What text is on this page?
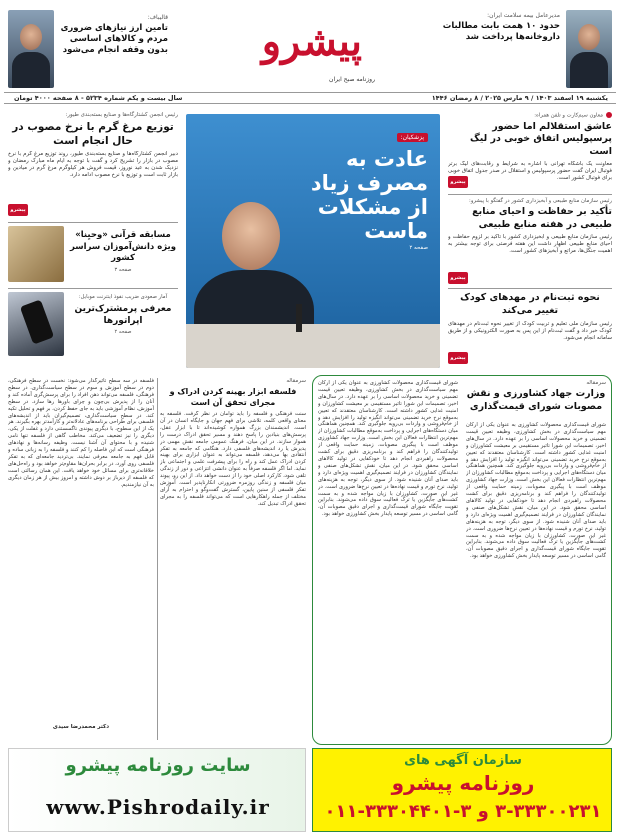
قالیباف:
تامین ارز نیازهای ضروری مردم و کالاهای اساسی بدون وقفه انجام می‌شود پیشرو
روزنامه صبح ایران
مدیرعامل بیمه سلامت ایران:
حدود ۱۰ همت بابت مطالبات داروخانه‌ها پرداخت شد
یکشنبه ۱۹ اسفند ۱۴۰۳ / ۹ مارس ۲۰۲۵ / ۸ رمضان ۱۴۴۶
سال بیست و یکم شماره ۵۲۳۴ - ۸ صفحه ۴۰۰۰ تومان
رئیس انجمن کشتارگاه‌ها و صنایع بسته‌بندی طیور:
توزیع مرغ گرم با نرخ مصوب در حال انجام است
دبیر انجمن کشتارگاه‌ها و صنایع بسته‌بندی طیور، روند توزیع مرغ گرم با نرخ مصوب در بازار را تشریح کرد و گفت با توجه به ایام ماه مبارک رمضان و نزدیک شدن به عید نوروز، قیمت فروش هر کیلوگرم مرغ گرم در میادین و بازار ثابت است و توزیع با نرخ مصوب ادامه دارد.
پیشرو
مسابقه قرآنی «وحیِنا» ویژه دانش‌آموزان سراسر کشور
صفحه ۳
آمار صعودی ضریب نفوذ اینترنت موبایل:
معرفی پرمشترک‌ترین اپراتورها
صفحه ۲
پزشکیان:
عادت به مصرف زیاد از مشکلات ماست
صفحه ۲
معاون سیم‌کارت و تلفن همراه:
عاشق استقلالم اما حضور پرسپولیس اتفاق خوبی در لیگ است
معاونت یک باشگاه تهرانی با اشاره به شرایط و رقابت‌های لیگ برتر فوتبال ایران گفت حضور پرسپولیس و استقلال در صدر جدول اتفاق خوبی برای فوتبال کشور است.
پیشرو
رئیس سازمان منابع طبیعی و آبخیزداری کشور در گفتگو با پیشرو:
تأکید بر حفاظت و احیای منابع طبیعی در هفته منابع طبیعی
رئیس سازمان منابع طبیعی و آبخیزداری کشور با تاکید بر لزوم حفاظت و احیای منابع طبیعی اظهار داشت این هفته فرصتی برای توجه بیشتر به اهمیت جنگل‌ها، مراتع و آبخیزهای کشور است.
پیشرو
نحوه ثبت‌نام در مهدهای کودک تغییر می‌کند
رئیس سازمان ملی تعلیم و تربیت کودک از تغییر نحوه ثبت‌نام در مهدهای کودک خبر داد و گفت ثبت‌نام از این پس به صورت الکترونیکی و از طریق سامانه انجام می‌شود.
پیشرو
سرمقاله
وزارت جهاد کشاورزی و نقش مصوبات شورای قیمت‌گذاری
شورای قیمت‌گذاری محصولات کشاورزی به عنوان یکی از ارکان مهم سیاست‌گذاری در بخش کشاورزی، وظیفه تعیین قیمت تضمینی و خرید محصولات اساسی را بر عهده دارد. در سال‌های اخیر، تصمیمات این شورا تاثیر مستقیمی بر معیشت کشاورزان و امنیت غذایی کشور داشته است. کارشناسان معتقدند که تعیین به‌موقع نرخ خرید تضمینی می‌تواند انگیزه تولید را افزایش دهد و از خام‌فروشی و واردات بی‌رویه جلوگیری کند. همچنین هماهنگی میان دستگاه‌های اجرایی و پرداخت به‌موقع مطالبات کشاورزان از مهم‌ترین انتظارات فعالان این بخش است. وزارت جهاد کشاورزی موظف است با پیگیری مصوبات، زمینه حمایت واقعی از تولیدکنندگان را فراهم کند و برنامه‌ریزی دقیق برای کشت محصولات راهبردی انجام دهد تا خودکفایی در تولید کالاهای اساسی محقق شود. در این میان، نقش تشکل‌های صنفی و نمایندگان کشاورزان در فرایند تصمیم‌گیری اهمیت ویژه‌ای دارد و باید صدای آنان شنیده شود. از سوی دیگر، توجه به هزینه‌های تولید، نرخ تورم و قیمت نهاده‌ها در تعیین نرخ‌ها ضروری است. در غیر این صورت، کشاورزان با زیان مواجه شده و به سمت کشت‌های جایگزین یا ترک فعالیت سوق داده می‌شوند. بنابراین تقویت جایگاه شورای قیمت‌گذاری و اجرای دقیق مصوبات آن، گامی اساسی در مسیر توسعه پایدار بخش کشاورزی خواهد بود.
شورای قیمت‌گذاری محصولات کشاورزی به عنوان یکی از ارکان مهم سیاست‌گذاری در بخش کشاورزی، وظیفه تعیین قیمت تضمینی و خرید محصولات اساسی را بر عهده دارد. در سال‌های اخیر، تصمیمات این شورا تاثیر مستقیمی بر معیشت کشاورزان و امنیت غذایی کشور داشته است. کارشناسان معتقدند که تعیین به‌موقع نرخ خرید تضمینی می‌تواند انگیزه تولید را افزایش دهد و از خام‌فروشی و واردات بی‌رویه جلوگیری کند. همچنین هماهنگی میان دستگاه‌های اجرایی و پرداخت به‌موقع مطالبات کشاورزان از مهم‌ترین انتظارات فعالان این بخش است. وزارت جهاد کشاورزی موظف است با پیگیری مصوبات، زمینه حمایت واقعی از تولیدکنندگان را فراهم کند و برنامه‌ریزی دقیق برای کشت محصولات راهبردی انجام دهد تا خودکفایی در تولید کالاهای اساسی محقق شود. در این میان، نقش تشکل‌های صنفی و نمایندگان کشاورزان در فرایند تصمیم‌گیری اهمیت ویژه‌ای دارد و باید صدای آنان شنیده شود. از سوی دیگر، توجه به هزینه‌های تولید، نرخ تورم و قیمت نهاده‌ها در تعیین نرخ‌ها ضروری است. در غیر این صورت، کشاورزان با زیان مواجه شده و به سمت کشت‌های جایگزین یا ترک فعالیت سوق داده می‌شوند. بنابراین تقویت جایگاه شورای قیمت‌گذاری و اجرای دقیق مصوبات آن، گامی اساسی در مسیر توسعه پایدار بخش کشاورزی خواهد بود.
سرمقاله
فلسفه ابزار بهینه کردن ادراک و مجرای تحقق آن است
سنت فرهنگی و فلسفه را باید توأمان در نظر گرفت. فلسفه به معنای واقعی کلمه، تلاشی برای فهم جهان و جایگاه انسان در آن است. اندیشمندان بزرگ همواره کوشیده‌اند تا با ابزار عقل، پرسش‌های بنیادین را پاسخ دهند و مسیر تحقق ادراک درست را هموار سازند. در این میان، فرهنگ عمومی جامعه نقش مهمی در پذیرش یا رد اندیشه‌های فلسفی دارد. هنگامی که جامعه به تفکر انتقادی بها می‌دهد، فلسفه می‌تواند به عنوان ابزاری برای بهینه کردن ادراک عمل کند و راه را برای پیشرفت علمی و اجتماعی باز نماید. اما اگر فلسفه صرفاً به عنوان دانشی انتزاعی و دور از زندگی تلقی شود، کارکرد اصلی خود را از دست خواهد داد. از این رو، پیوند میان فلسفه و زندگی روزمره ضرورتی انکارناپذیر است. آموزش تفکر فلسفی از سنین پایین، گسترش گفت‌وگو و احترام به آرای مختلف از جمله راهکارهایی است که می‌تواند فلسفه را به مجرای تحقق ادراک تبدیل کند.
فلسفه در سه سطح تأثیرگذار می‌شود: نخست در سطح فرهنگی، دوم در سطح آموزش و سوم در سطح سیاست‌گذاری. در سطح فرهنگی، فلسفه می‌تواند ذهن افراد را برای پرسش‌گری آماده کند و آنان را از پذیرش بی‌چون و چرای باورها رها سازد. در سطح آموزش، نظام آموزشی باید به جای حفظ کردن، بر فهم و تحلیل تکیه کند. در سطح سیاست‌گذاری، تصمیم‌گیران باید از اندیشه‌های فلسفی برای طراحی برنامه‌های عادلانه‌تر و کارآمدتر بهره بگیرند. هر یک از این سطوح، با دیگری پیوندی ناگسستنی دارد و غفلت از یکی، دیگری را نیز تضعیف می‌کند. مخاطب گاهی از فلسفه تنها نامی شنیده و با محتوای آن آشنا نیست. وظیفه رسانه‌ها و نهادهای فرهنگی است که این فاصله را کم کنند و فلسفه را به زبانی ساده و قابل فهم به جامعه معرفی نمایند. بی‌تردید جامعه‌ای که به تفکر فلسفی روی آورد، در برابر بحران‌ها مقاوم‌تر خواهد بود و راه‌حل‌های خلاقانه‌تری برای مسائل خود خواهد یافت. این همان رسالتی است که فلسفه از دیرباز بر دوش داشته و امروز بیش از هر زمان دیگری به آن نیازمندیم.
دکتر محمدرضا سیدی
سازمان آگهی های
روزنامه پیشرو
۳-۳۳۳۰۰۲۳۱ و ۳-۳۳۳۰۴۴۰۱-۰۱۱
سایت روزنامه پیشرو
www.Pishrodaily.ir
